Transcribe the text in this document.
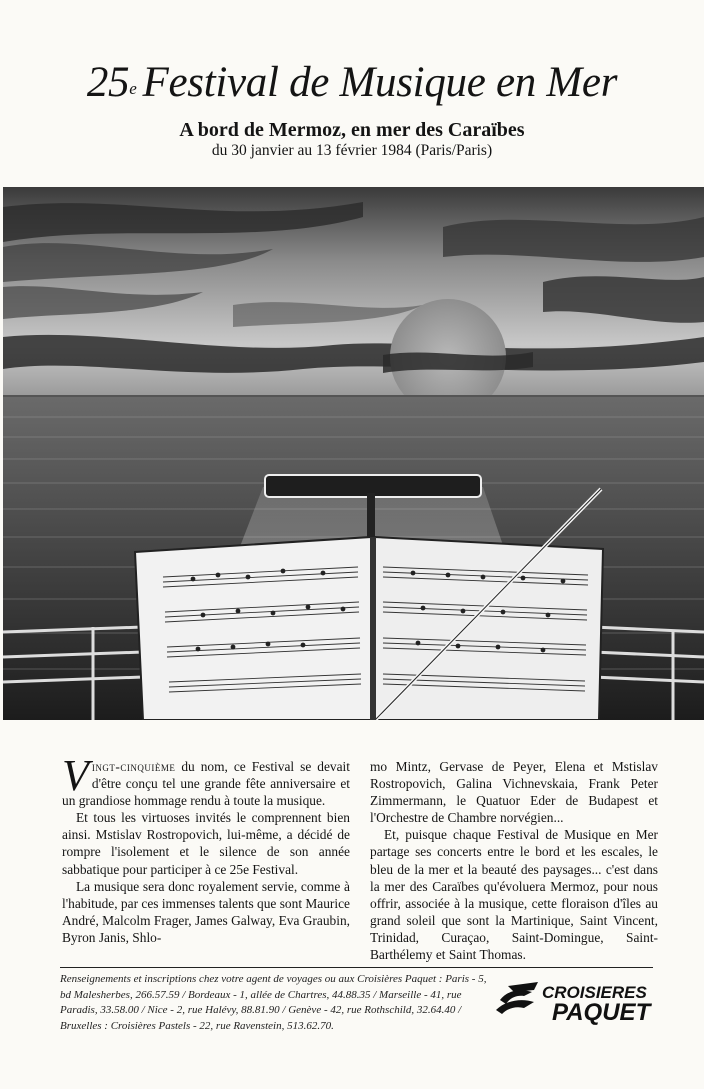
25e Festival de Musique en Mer
A bord de Mermoz, en mer des Caraïbes
du 30 janvier au 13 février 1984 (Paris/Paris)

Vingt-cinquième du nom, ce Festival se devait d'être conçu tel une grande fête anniversaire et un grandiose hommage rendu à toute la musique.

Et tous les virtuoses invités le comprennent bien ainsi. Mstislav Rostropovich, lui-même, a décidé de rompre l'isolement et le silence de son année sabbatique pour participer à ce 25e Festival.

La musique sera donc royalement servie, comme à l'habitude, par ces immenses talents que sont Maurice André, Malcolm Frager, James Galway, Eva Graubin, Byron Janis, Shlo-

mo Mintz, Gervase de Peyer, Elena et Mstislav Rostropovich, Galina Vichnevskaia, Frank Peter Zimmermann, le Quatuor Eder de Budapest et l'Orchestre de Chambre norvégien...

Et, puisque chaque Festival de Musique en Mer partage ses concerts entre le bord et les escales, le bleu de la mer et la beauté des paysages... c'est dans la mer des Caraïbes qu'évoluera Mermoz, pour nous offrir, associée à la musique, cette floraison d'îles au grand soleil que sont la Martinique, Saint Vincent, Trinidad, Curaçao, Saint-Domingue, Saint-Barthélemy et Saint Thomas.

Renseignements et inscriptions chez votre agent de voyages ou aux Croisières Paquet : Paris - 5, bd Malesherbes, 266.57.59 / Bordeaux - 1, allée de Chartres, 44.88.35 / Marseille - 41, rue Paradis, 33.58.00 / Nice - 2, rue Halévy, 88.81.90 / Genève - 42, rue Rothschild, 32.64.40 / Bruxelles : Croisières Pastels - 22, rue Ravenstein, 513.62.70.
CROISIERES
PAQUET
